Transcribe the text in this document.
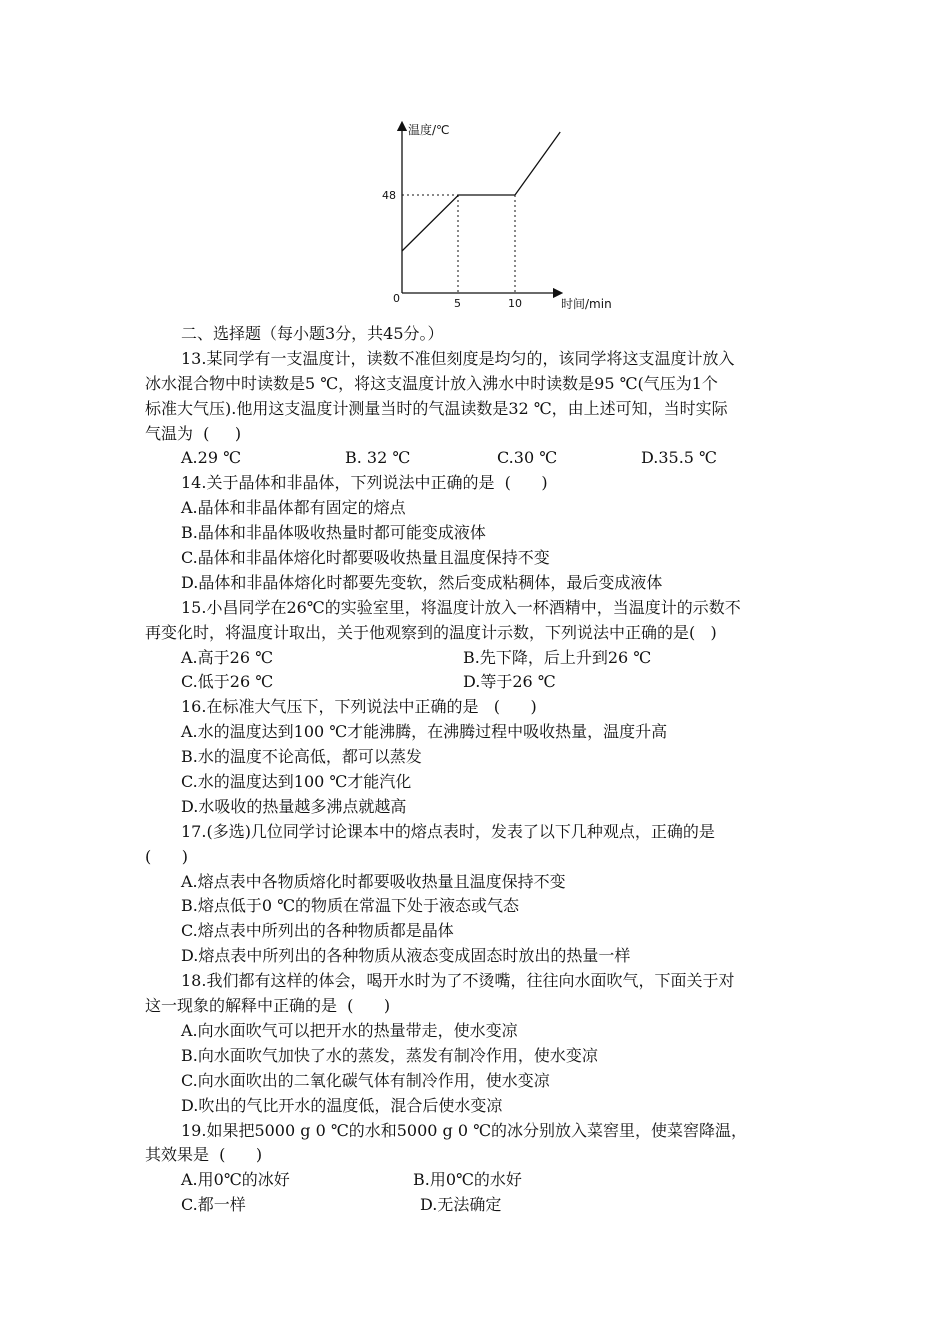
温度/℃
时间/min
48
0	5	10
二、选择题（每小题3分，共45分。）
13.某同学有一支温度计，读数不准但刻度是均匀的，该同学将这支温度计放入
冰水混合物中时读数是5 ℃，将这支温度计放入沸水中时读数是95 ℃(气压为1个
标准大气压).他用这支温度计测量当时的气温读数是32 ℃，由上述可知，当时实际
气温为  (     )

A.29 ℃

	B. 32 ℃

	C.30 ℃

	D.35.5 ℃

14.关于晶体和非晶体，下列说法中正确的是  (      )
A.晶体和非晶体都有固定的熔点
B.晶体和非晶体吸收热量时都可能变成液体
C.晶体和非晶体熔化时都要吸收热量且温度保持不变
D.晶体和非晶体熔化时都要先变软，然后变成粘稠体，最后变成液体
15.小昌同学在26℃的实验室里，将温度计放入一杯酒精中，当温度计的示数不
再变化时，将温度计取出，关于他观察到的温度计示数，下列说法中正确的是(   )

A.高于26 ℃

	B.先下降，后上升到26 ℃

C.低于26 ℃

	D.等于26 ℃

16.在标准大气压下，下列说法中正确的是   (      )
A.水的温度达到100 ℃才能沸腾，在沸腾过程中吸收热量，温度升高
B.水的温度不论高低，都可以蒸发
C.水的温度达到100 ℃才能汽化
D.水吸收的热量越多沸点就越高
17.(多选)几位同学讨论课本中的熔点表时，发表了以下几种观点，正确的是
(      )
A.熔点表中各物质熔化时都要吸收热量且温度保持不变
B.熔点低于0 ℃的物质在常温下处于液态或气态
C.熔点表中所列出的各种物质都是晶体
D.熔点表中所列出的各种物质从液态变成固态时放出的热量一样
18.我们都有这样的体会，喝开水时为了不烫嘴，往往向水面吹气，下面关于对
这一现象的解释中正确的是  (      )
A.向水面吹气可以把开水的热量带走，使水变凉
B.向水面吹气加快了水的蒸发，蒸发有制冷作用，使水变凉
C.向水面吹出的二氧化碳气体有制冷作用，使水变凉
D.吹出的气比开水的温度低，混合后使水变凉
19.如果把5000 g 0 ℃的水和5000 g 0 ℃的冰分别放入菜窖里，使菜窖降温，
其效果是  (      )

A.用0℃的冰好

	B.用0℃的水好

C.都一样

	D.无法确定
